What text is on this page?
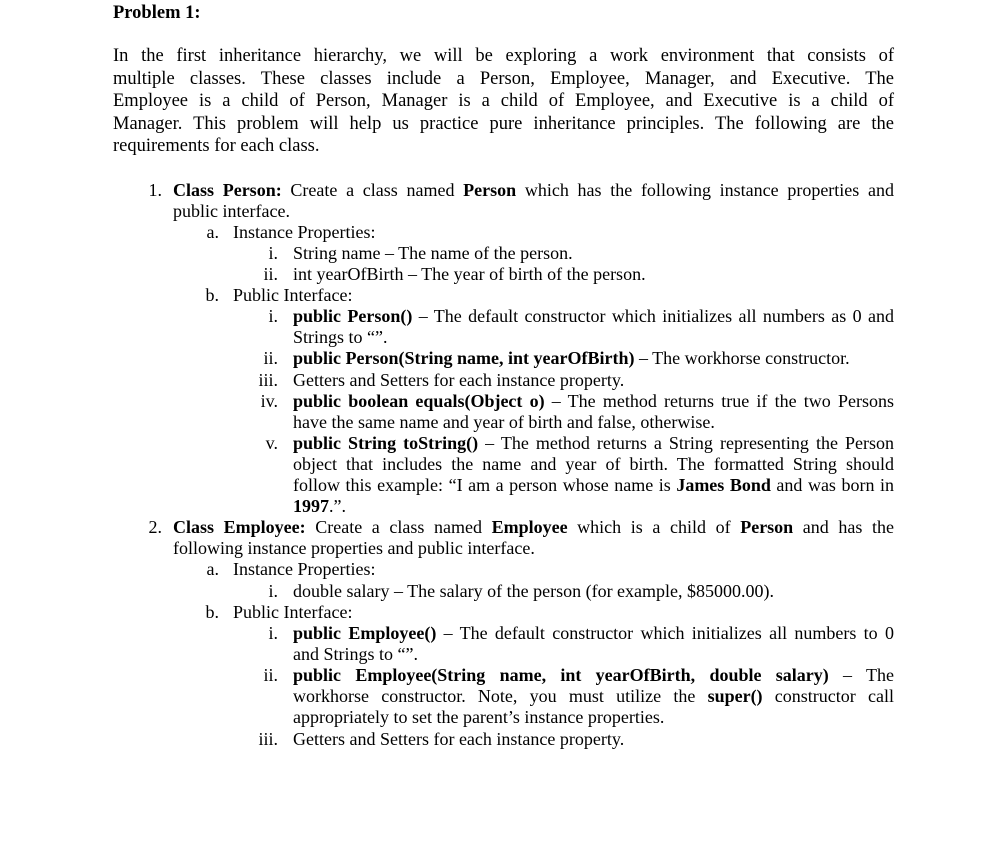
Problem 1:
In the first inheritance hierarchy, we will be exploring a work environment that consists of
multiple classes. These classes include a Person, Employee, Manager, and Executive. The
Employee is a child of Person, Manager is a child of Employee, and Executive is a child of
Manager. This problem will help us practice pure inheritance principles. The following are the
requirements for each class.
1. Class Person: Create a class named Person which has the following instance properties and
public interface.
a. Instance Properties:
i. String name – The name of the person.
ii. int yearOfBirth – The year of birth of the person.
b. Public Interface:
i. public Person() – The default constructor which initializes all numbers as 0 and
Strings to “”.
ii. public Person(String name, int yearOfBirth) – The workhorse constructor.
iii. Getters and Setters for each instance property.
iv. public boolean equals(Object o) – The method returns true if the two Persons
have the same name and year of birth and false, otherwise.
v. public String toString() – The method returns a String representing the Person
object that includes the name and year of birth. The formatted String should
follow this example: “I am a person whose name is James Bond and was born in
1997.”.
2. Class Employee: Create a class named Employee which is a child of Person and has the
following instance properties and public interface.
a. Instance Properties:
i. double salary – The salary of the person (for example, $85000.00).
b. Public Interface:
i. public Employee() – The default constructor which initializes all numbers to 0
and Strings to “”.
ii. public Employee(String name, int yearOfBirth, double salary) – The
workhorse constructor. Note, you must utilize the super() constructor call
appropriately to set the parent’s instance properties.
iii. Getters and Setters for each instance property.
